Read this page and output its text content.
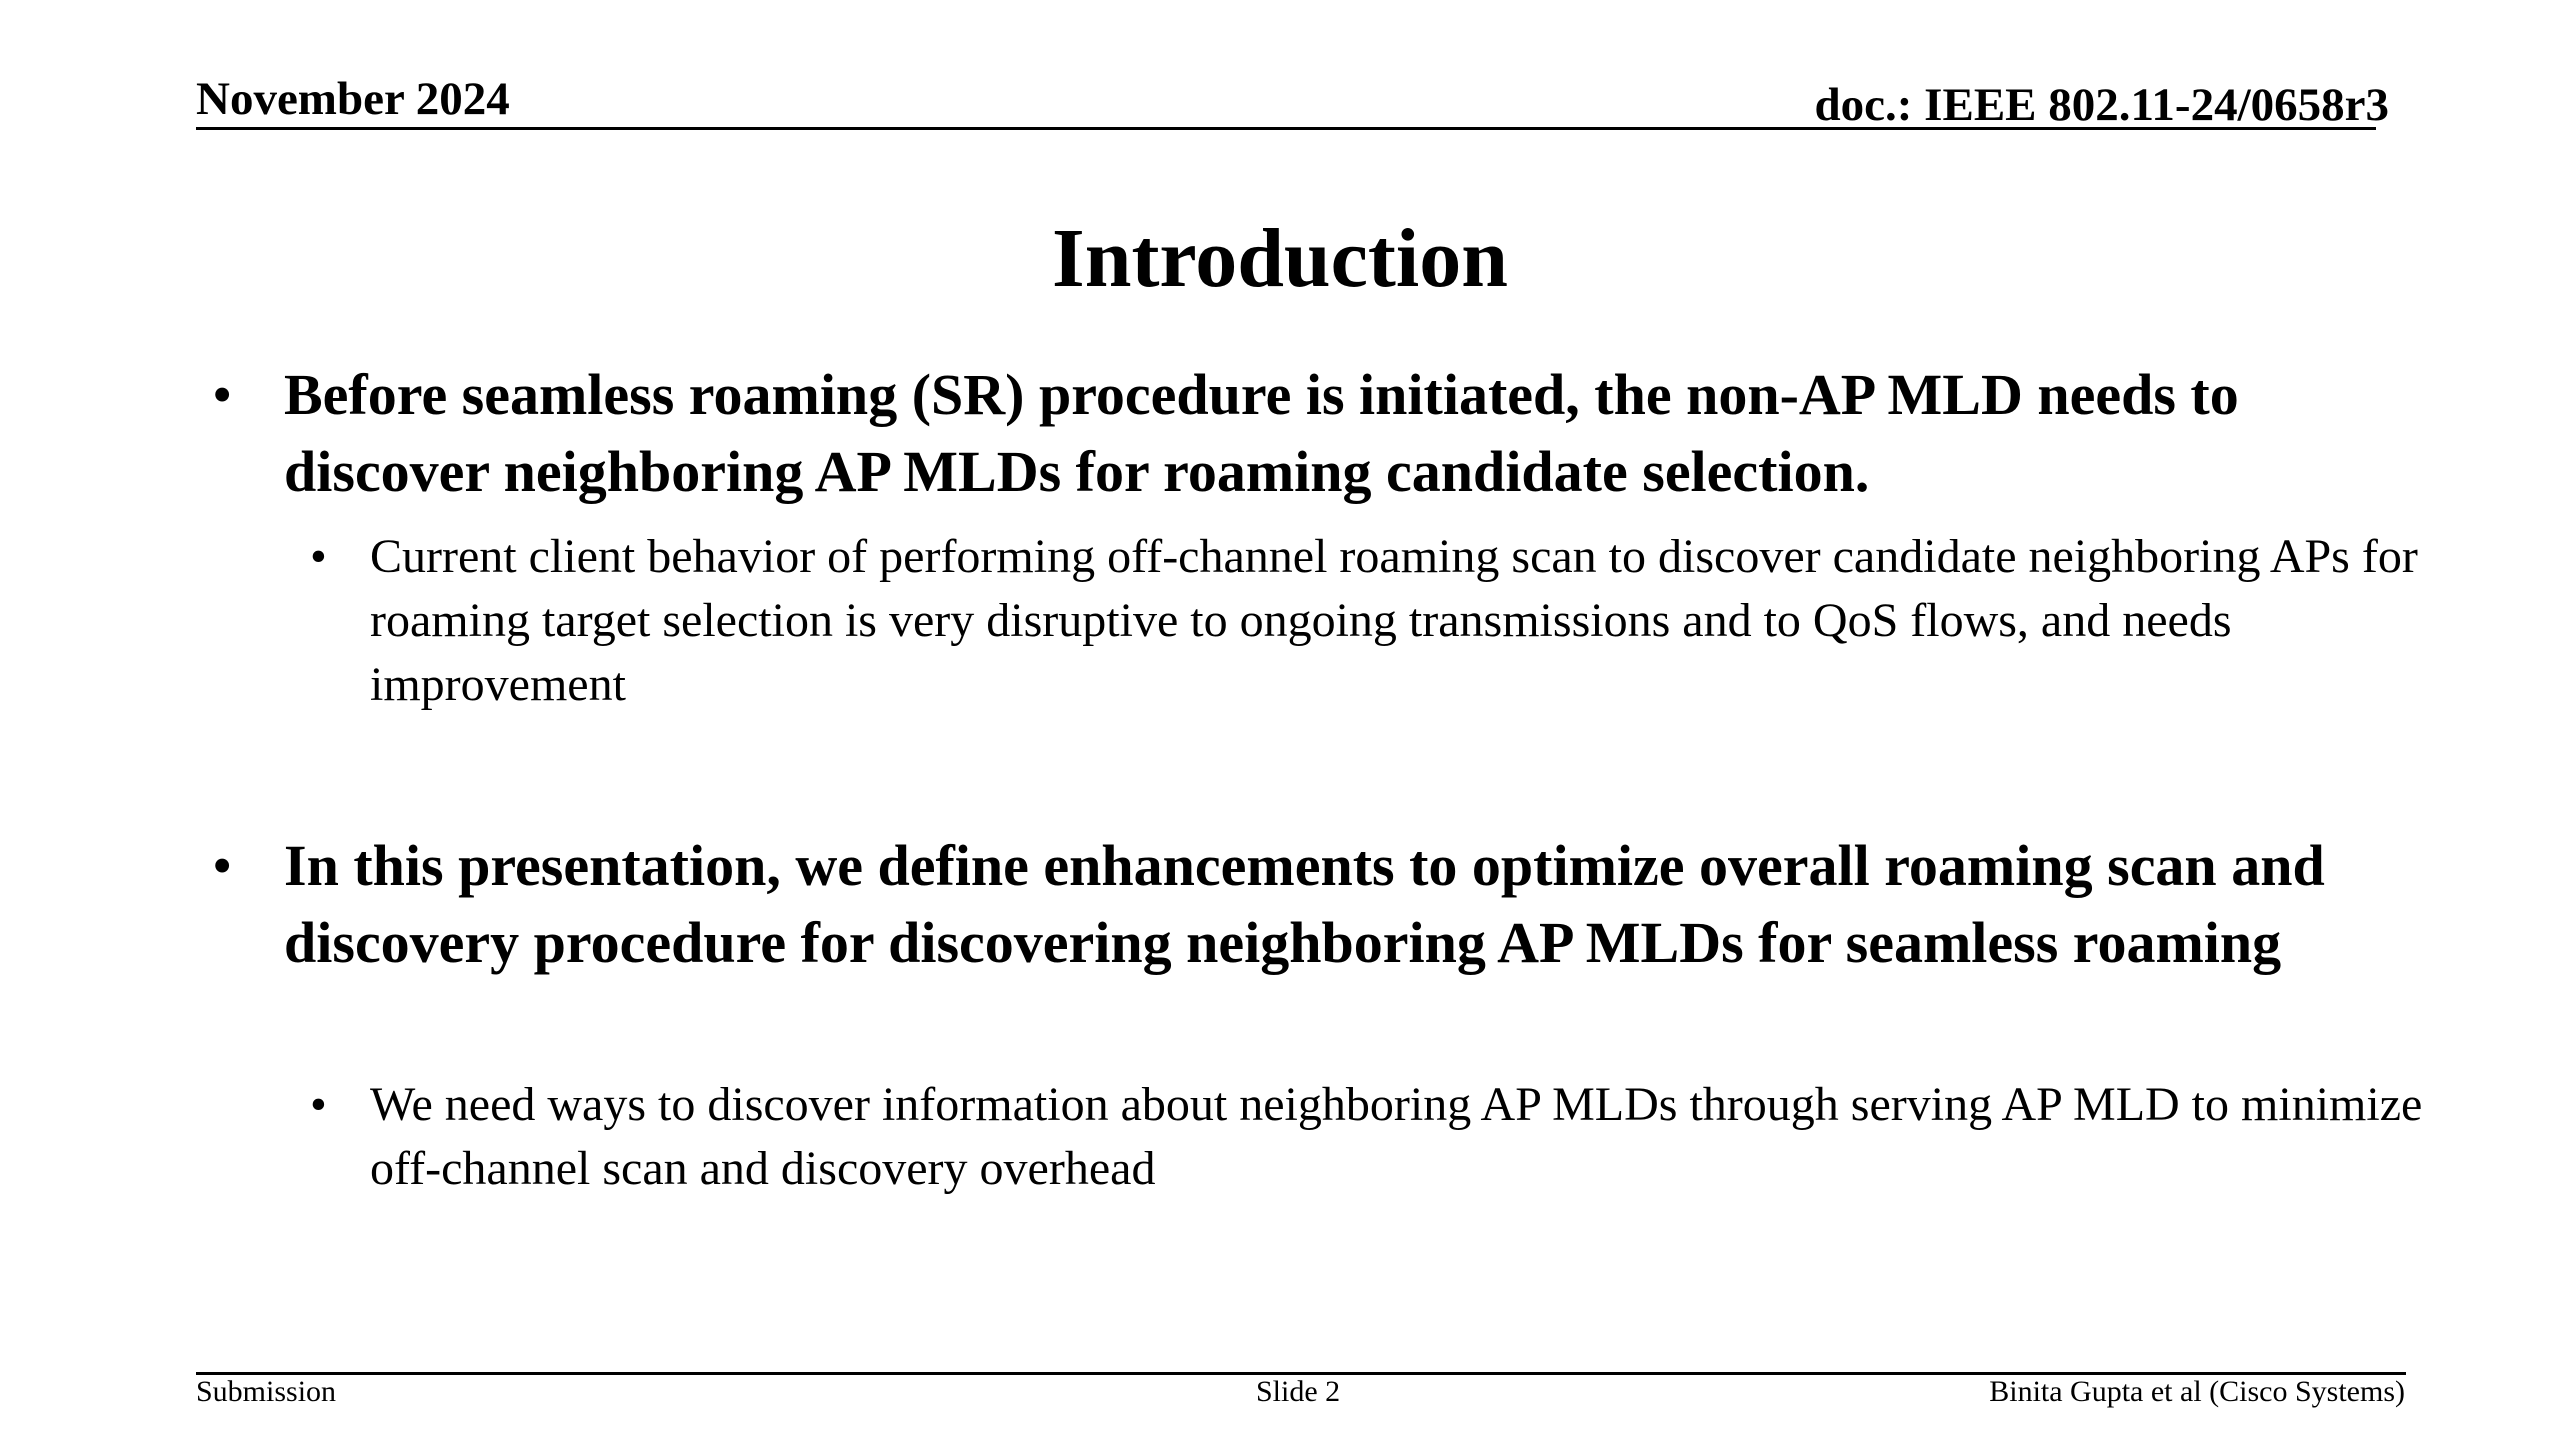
November 2024	doc.: IEEE 802.11-24/0658r3
Introduction
• Before seamless roaming (SR) procedure is initiated, the non-AP MLD needs to discover neighboring AP MLDs for roaming candidate selection.
• Current client behavior of performing off-channel roaming scan to discover candidate neighboring APs for roaming target selection is very disruptive to ongoing transmissions and to QoS flows, and needs improvement
• In this presentation, we define enhancements to optimize overall roaming scan and discovery procedure for discovering neighboring AP MLDs for seamless roaming
• We need ways to discover information about neighboring AP MLDs through serving AP MLD to minimize off-channel scan and discovery overhead
Submission	Slide 2	Binita Gupta et al (Cisco Systems)
